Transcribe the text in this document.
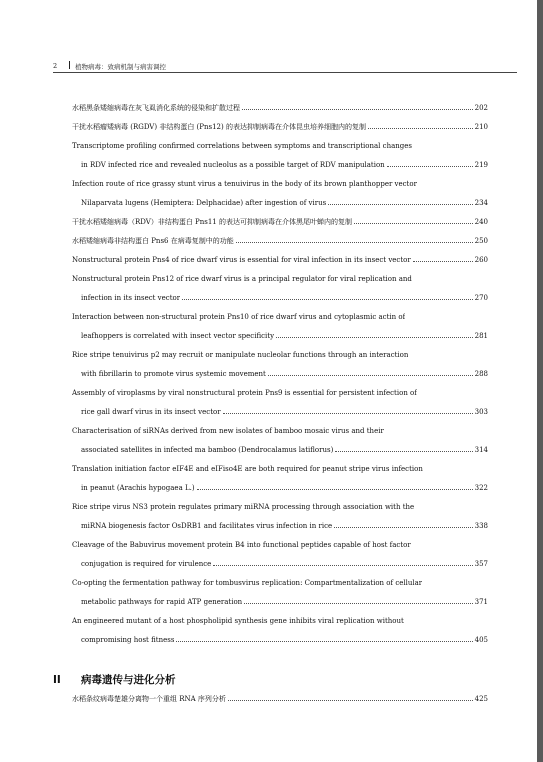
2	植物病毒：致病机制与病害调控
水稻黑条矮缩病毒在灰飞虱消化系统的侵染和扩散过程	202
干扰水稻瘤矮病毒 (RGDV) 非结构蛋白 (Pns12) 的表达抑制病毒在介体昆虫培养细胞内的复制	210
Transcriptome profiling confirmed correlations between symptoms and transcriptional changes
in RDV infected rice and revealed nucleolus as a possible target of RDV manipulation	219
Infection route of rice grassy stunt virus a tenuivirus in the body of its brown planthopper vector
Nilaparvata lugens (Hemiptera: Delphacidae) after ingestion of virus	234
干扰水稻矮缩病毒（RDV）非结构蛋白 Pns11 的表达可抑制病毒在介体黑尾叶蝉内的复制	240
水稻矮缩病毒非结构蛋白 Pns6 在病毒复制中的功能	250
Nonstructural protein Pns4 of rice dwarf virus is essential for viral infection in its insect vector	260
Nonstructural protein Pns12 of rice dwarf virus is a principal regulator for viral replication and
infection in its insect vector	270
Interaction between non-structural protein Pns10 of rice dwarf virus and cytoplasmic actin of
leafhoppers is correlated with insect vector specificity	281
Rice stripe tenuivirus p2 may recruit or manipulate nucleolar functions through an interaction
with fibrillarin to promote virus systemic movement	288
Assembly of viroplasms by viral nonstructural protein Pns9 is essential for persistent infection of
rice gall dwarf virus in its insect vector	303
Characterisation of siRNAs derived from new isolates of bamboo mosaic virus and their
associated satellites in infected ma bamboo (Dendrocalamus latiflorus)	314
Translation initiation factor eIF4E and eIFiso4E are both required for peanut stripe virus infection
in peanut (Arachis hypogaea L.)	322
Rice stripe virus NS3 protein regulates primary miRNA processing through association with the
miRNA biogenesis factor OsDRB1 and facilitates virus infection in rice	338
Cleavage of the Babuvirus movement protein B4 into functional peptides capable of host factor
conjugation is required for virulence	357
Co-opting the fermentation pathway for tombusvirus replication: Compartmentalization of cellular
metabolic pathways for rapid ATP generation	371
An engineered mutant of a host phospholipid synthesis gene inhibits viral replication without
compromising host fitness	405
水稻条纹病毒楚雄分离物一个重组 RNA 序列分析	425
II 病毒遗传与进化分析
